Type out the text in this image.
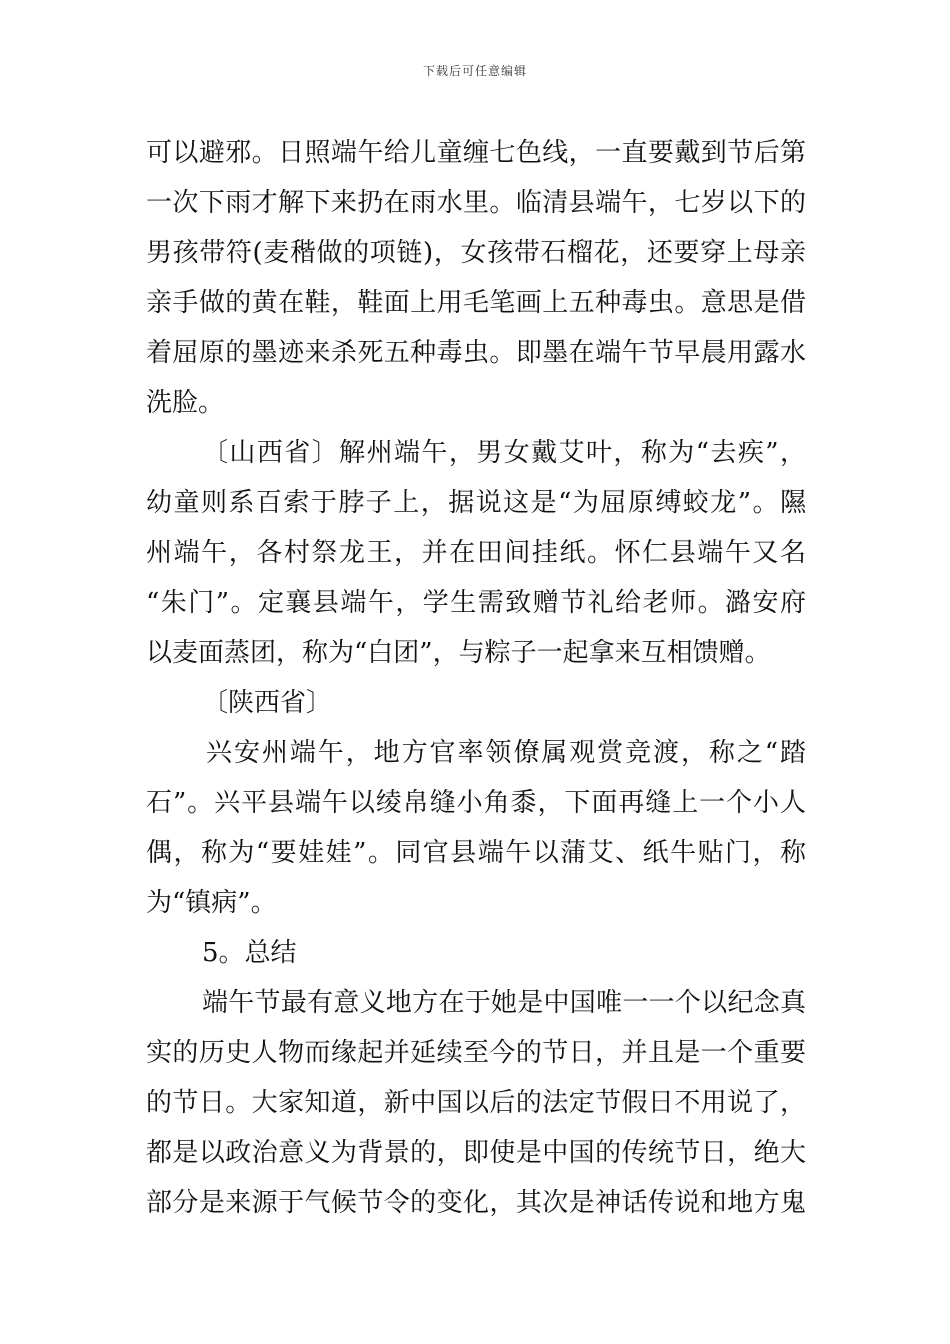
下载后可任意编辑
可以避邪。日照端午给儿童缠七色线，一直要戴到节后第
一次下雨才解下来扔在雨水里。临清县端午，七岁以下的
男孩带符(麦稭做的项链)，女孩带石榴花，还要穿上母亲
亲手做的黄在鞋，鞋面上用毛笔画上五种毒虫。意思是借
着屈原的墨迹来杀死五种毒虫。即墨在端午节早晨用露水
洗脸。
〔山西省〕解州端午，男女戴艾叶，称为“去疾”，
幼童则系百索于脖子上，据说这是“为屈原缚蛟龙”。隰
州端午，各村祭龙王，并在田间挂纸。怀仁县端午又名
“朱门”。定襄县端午，学生需致赠节礼给老师。潞安府
以麦面蒸团，称为“白团”，与粽子一起拿来互相馈赠。
〔陕西省〕
兴安州端午，地方官率领僚属观赏竞渡，称之“踏
石”。兴平县端午以绫帛缝小角黍，下面再缝上一个小人
偶，称为“要娃娃”。同官县端午以蒲艾、纸牛贴门，称
为“镇病”。
5。总结
端午节最有意义地方在于她是中国唯一一个以纪念真
实的历史人物而缘起并延续至今的节日，并且是一个重要
的节日。大家知道，新中国以后的法定节假日不用说了，
都是以政治意义为背景的，即使是中国的传统节日，绝大
部分是来源于气候节令的变化，其次是神话传说和地方鬼
